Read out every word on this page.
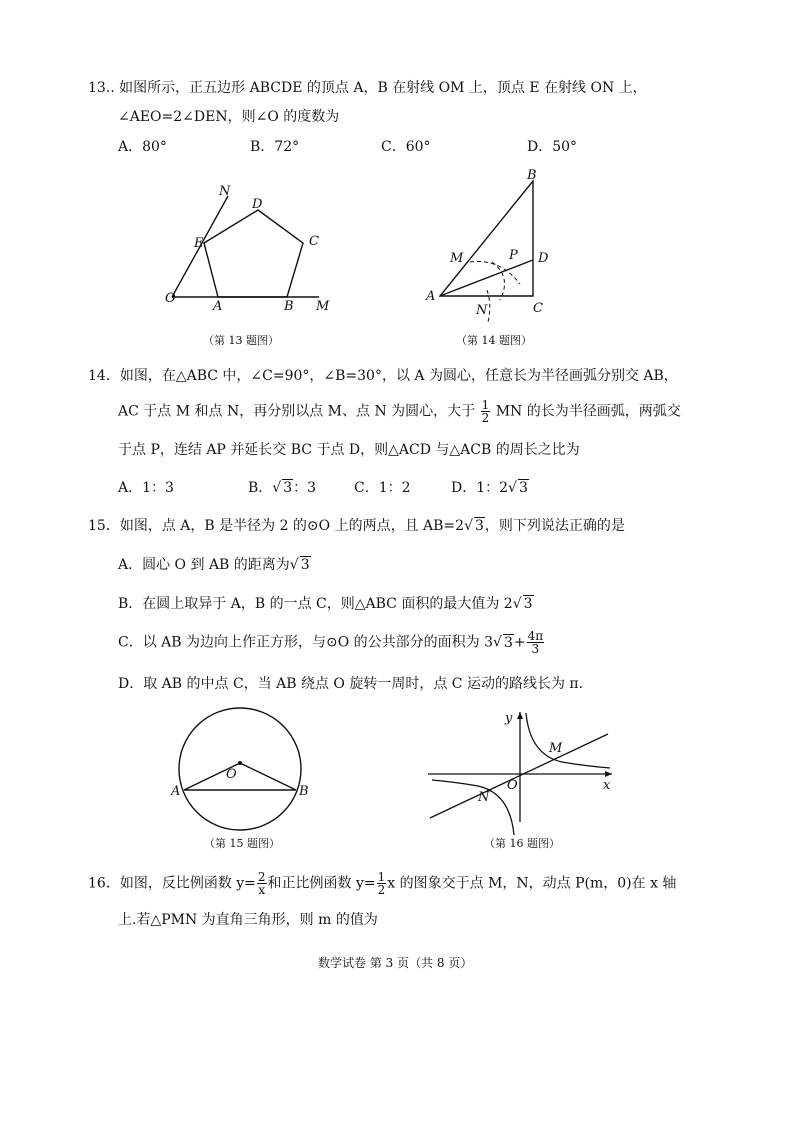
13.. 如图所示，正五边形 ABCDE 的顶点 A，B 在射线 OM 上，顶点 E 在射线 ON 上，
∠AEO=2∠DEN，则∠O 的度数为
A．80°	B．72°	C．60°	D．50°
N
D
C
E
O
A	B M
（第 13 题图）
B
M	P D
A
N	C
（第 14 题图）
14．如图，在△ABC 中，∠C=90°，∠B=30°，以 A 为圆心，任意长为半径画弧分别交 AB，
AC 于点 M 和点 N，再分别以点 M、点 N 为圆心，大于 $\frac{1}{2}$ MN 的长为半径画弧，两弧交
于点 P，连结 AP 并延长交 BC 于点 D，则△ACD 与△ACB 的周长之比为
A．1：3	B．√ 3：3	C．1：2	D．1：2√ 3
15．如图，点 A，B 是半径为 2 的⊙O 上的两点，且 AB=2√ 3，则下列说法正确的是
A．圆心 O 到 AB 的距离为√ 3
B．在圆上取异于 A，B 的一点 C，则△ABC 面积的最大值为 2√ 3
C．以 AB 为边向上作正方形，与⊙O 的公共部分的面积为 3√ $3+ \frac{4\pi}{3}$
D．取 AB 的中点 C，当 AB 绕点 O 旋转一周时，点 C 运动的路线长为 π．
O
A	B
（第 15 题图）
y
M
O
N
x
（第 16 题图）
16．如图，反比例函数 $y= \frac{2}{x}$ 和正比例函数 $y= \frac{1}{2}$ x 的图象交于点 M，N，动点 P(m，0)在 x 轴
上.若△PMN 为直角三角形，则 m 的值为
数学试卷 第 3 页（共 8 页）
